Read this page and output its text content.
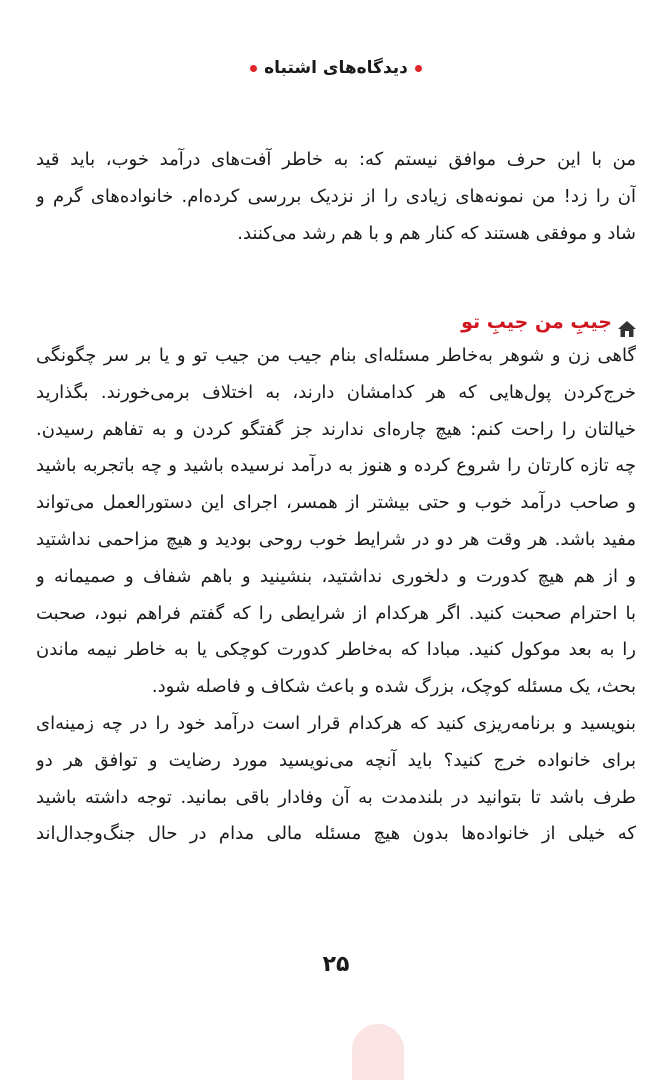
دیدگاه‌های اشتباه
من با این حرف موافق نیستم که: به خاطر آفت‌های درآمد خوب، باید قید
آن را زد! من نمونه‌های زیادی را از نزدیک بررسی کرده‌ام. خانواده‌های گرم و
شاد و موفقی هستند که کنار هم و با هم رشد می‌کنند.
جیبِ من جیبِ تو
گاهی زن و شوهر به‌خاطر مسئله‌ای بنام جیب من جیب تو و یا بر سر چگونگی
خرج‌کردن پول‌هایی که هر کدامشان دارند، به اختلاف برمی‌خورند. بگذارید
خیالتان را راحت کنم: هیچ چاره‌ای ندارند جز گفتگو کردن و به تفاهم رسیدن.
چه تازه کارتان را شروع کرده و هنوز به درآمد نرسیده باشید و چه باتجربه باشید
و صاحب درآمد خوب و حتی بیشتر از همسر، اجرای این دستورالعمل می‌تواند
مفید باشد. هر وقت هر دو در شرایط خوب روحی بودید و هیچ مزاحمی نداشتید
و از هم هیچ کدورت و دلخوری نداشتید، بنشینید و باهم شفاف و صمیمانه و
با احترام صحبت کنید. اگر هرکدام از شرایطی را که گفتم فراهم نبود، صحبت
را به بعد موکول کنید. مبادا که به‌خاطر کدورت کوچکی یا به خاطر نیمه ماندن
بحث، یک مسئله کوچک، بزرگ شده و باعث شکاف و فاصله شود.
بنویسید و برنامه‌ریزی کنید که هرکدام قرار است درآمد خود را در چه زمینه‌ای
برای خانواده خرج کنید؟ باید آنچه می‌نویسید مورد رضایت و توافق هر دو
طرف باشد تا بتوانید در بلندمدت به آن وفادار باقی بمانید. توجه داشته باشید
که خیلی از خانواده‌ها بدون هیچ مسئله مالی مدام در حال جنگ‌وجدال‌اند
۲۵
